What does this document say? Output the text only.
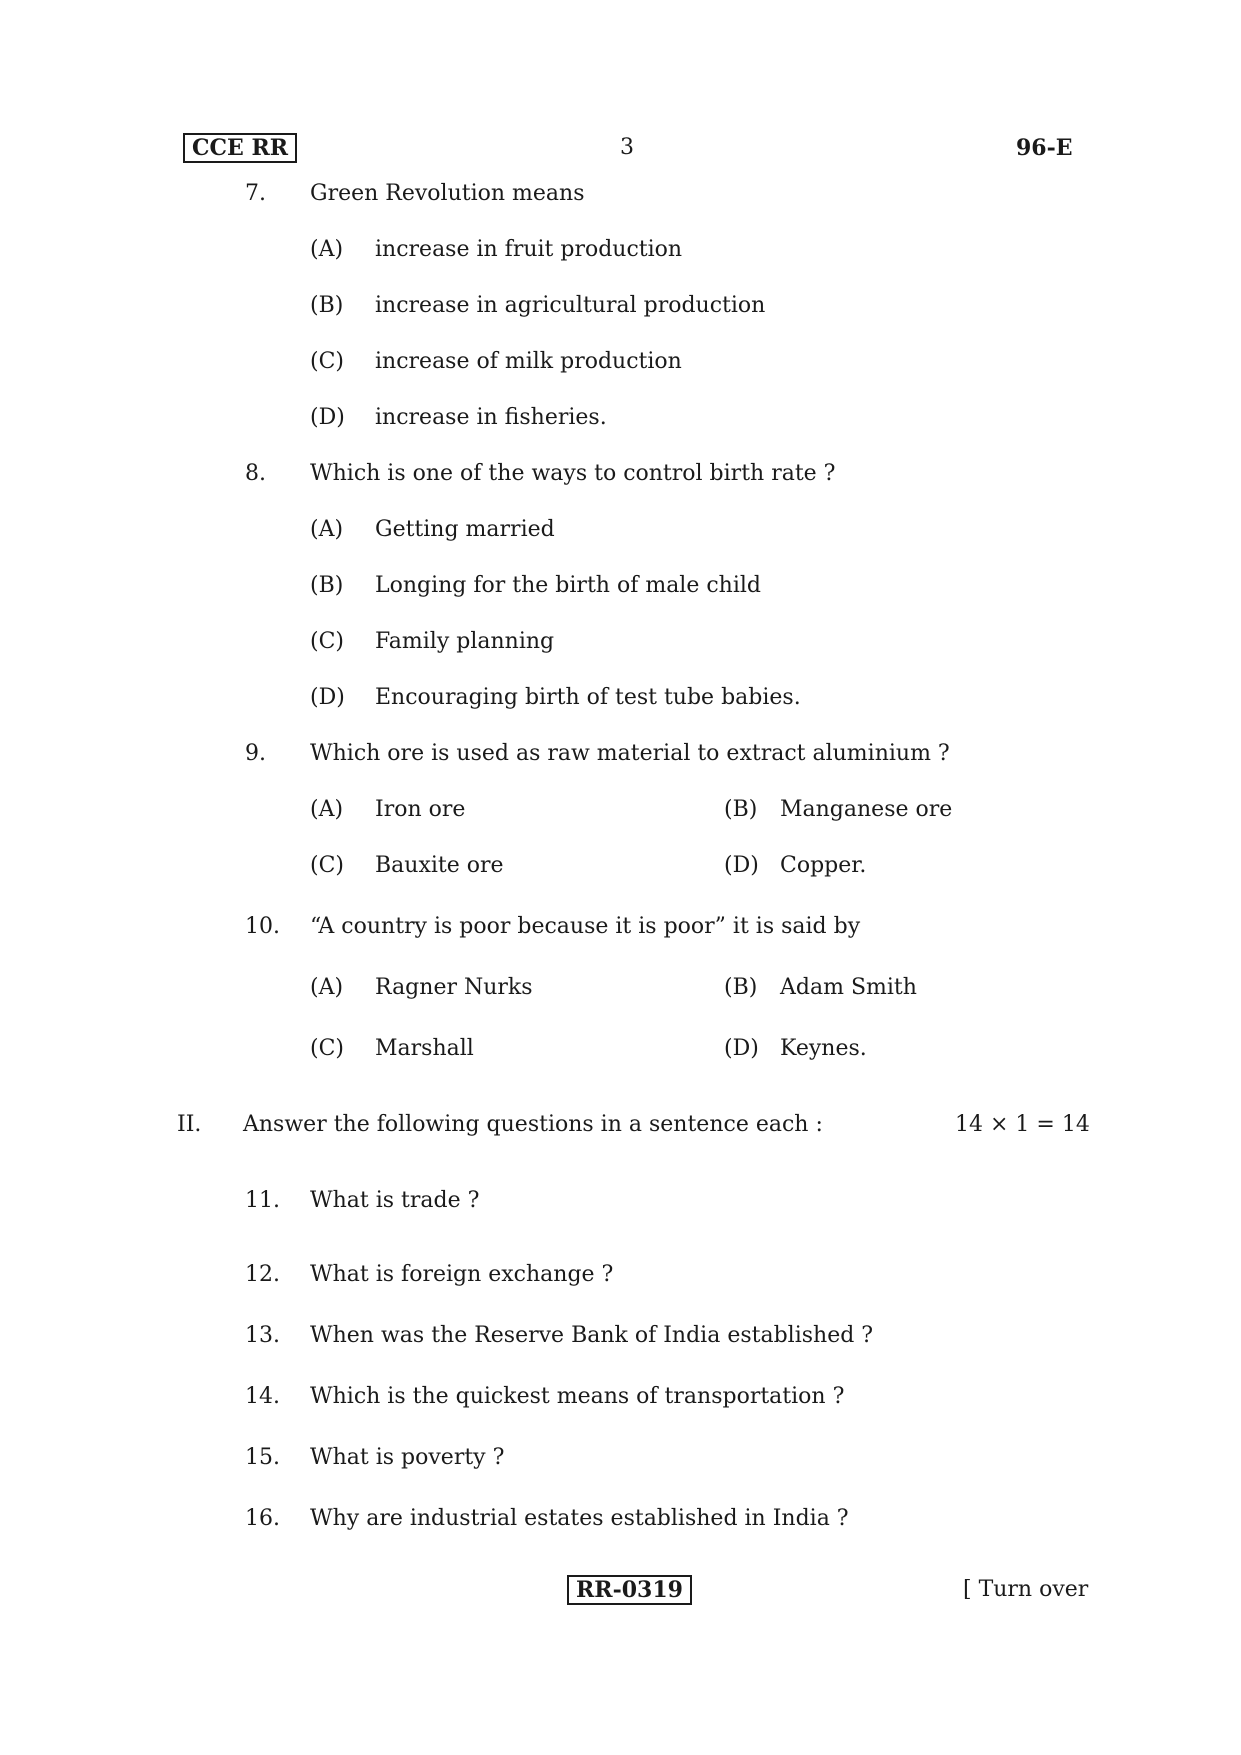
CCE RR	3	96-E
7. Green Revolution means
(A) increase in fruit production
(B) increase in agricultural production
(C) increase of milk production
(D) increase in fisheries.
8. Which is one of the ways to control birth rate ?
(A) Getting married
(B) Longing for the birth of male child
(C) Family planning
(D) Encouraging birth of test tube babies.
9. Which ore is used as raw material to extract aluminium ?
(A) Iron ore	(B) Manganese ore
(C) Bauxite ore	(D) Copper.
10. “A country is poor because it is poor” it is said by
(A) Ragner Nurks	(B) Adam Smith
(C) Marshall	(D) Keynes.
II. Answer the following questions in a sentence each :	14 × 1 = 14
11. What is trade ?
12. What is foreign exchange ?
13. When was the Reserve Bank of India established ?
14. Which is the quickest means of transportation ?
15. What is poverty ?
16. Why are industrial estates established in India ?
RR-0319	[ Turn over
